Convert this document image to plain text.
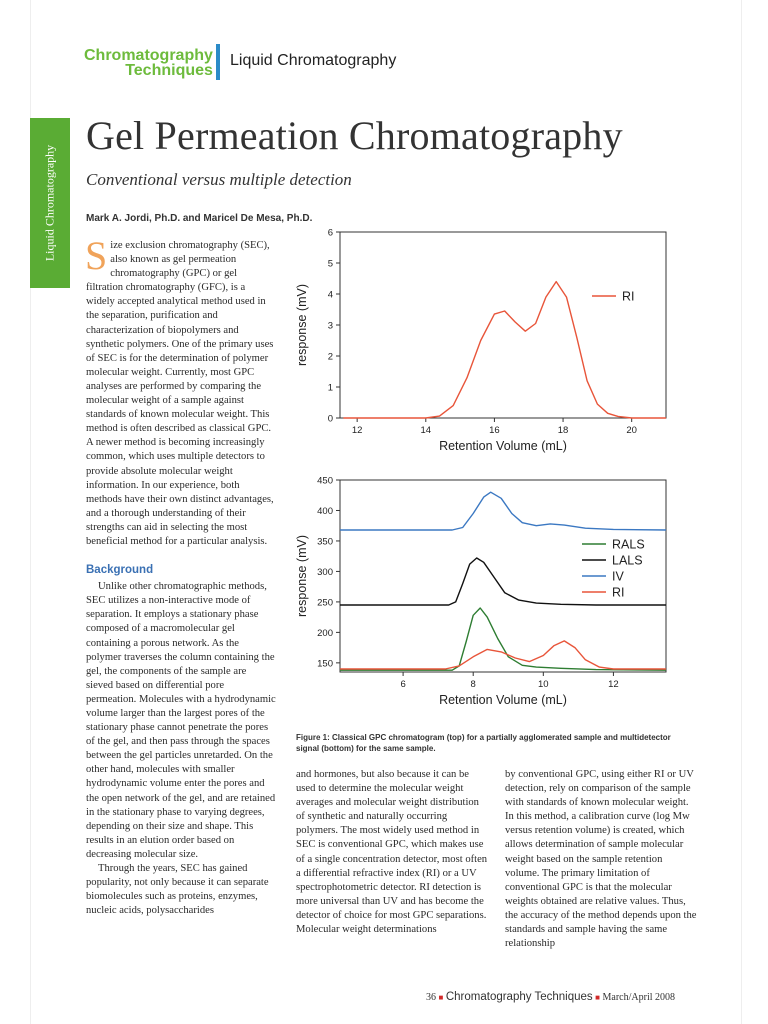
Chromatography
Techniques
Liquid Chromatography
Liquid Chromatography
Gel Permeation Chromatography
Conventional versus multiple detection
Mark A. Jordi, Ph.D. and Maricel De Mesa, Ph.D.

Size exclusion chromatography (SEC), also known as gel permeation chromatography (GPC) or gel filtration chromatography (GFC), is a widely accepted analytical method used in the separation, purification and characterization of biopolymers and synthetic polymers. One of the primary uses of SEC is for the determination of polymer molecular weight. Currently, most GPC analyses are performed by comparing the molecular weight of a sample against standards of known molecular weight. This method is often described as classical GPC. A newer method is becoming increasingly common, which uses multiple detectors to provide absolute molecular weight information. In our experience, both methods have their own distinct advantages, and a thorough understanding of their strengths can aid in selecting the most beneficial method for a particular analysis.

Background

Unlike other chromatographic methods, SEC utilizes a non-interactive mode of separation. It employs a stationary phase composed of a macromolecular gel containing a porous network. As the polymer traverses the column containing the gel, the components of the sample are sieved based on differential pore permeation. Molecules with a hydrodynamic volume larger than the largest pores of the stationary phase cannot penetrate the pores of the gel, and then pass through the spaces between the gel particles unretarded. On the other hand, molecules with smaller hydrodynamic volume enter the pores and the open network of the gel, and are retained in the stationary phase to varying degrees, depending on their size and shape. This results in an elution order based on decreasing molecular size.

Through the years, SEC has gained popularity, not only because it can separate biomolecules such as proteins, enzymes, nucleic acids, polysaccharides

12	14	16	18	20
0
1
2
3
4
5
6
Retention Volume (mL)
response (mV)	RI
6	8	10	12
150
200
250
300
350
400
450
Retention Volume (mL)
response (mV)	RALS
LALS
IV
RI
Figure 1: Classical GPC chromatogram (top) for a partially agglomerated sample and multidetector signal (bottom) for the same sample.

and hormones, but also because it can be used to determine the molecular weight averages and molecular weight distribution of synthetic and naturally occurring polymers. The most widely used method in SEC is conventional GPC, which makes use of a single concentration detector, most often a differential refractive index (RI) or a UV spectrophotometric detector. RI detection is more universal than UV and has become the detector of choice for most GPC separations. Molecular weight determinations

by conventional GPC, using either RI or UV detection, rely on comparison of the sample with standards of known molecular weight. In this method, a calibration curve (log Mw versus retention volume) is created, which allows determination of sample molecular weight based on the sample retention volume. The primary limitation of conventional GPC is that the molecular weights obtained are relative values. Thus, the accuracy of the method depends upon the standards and sample having the same relationship

36 ■ Chromatography Techniques ■ March/April 2008
